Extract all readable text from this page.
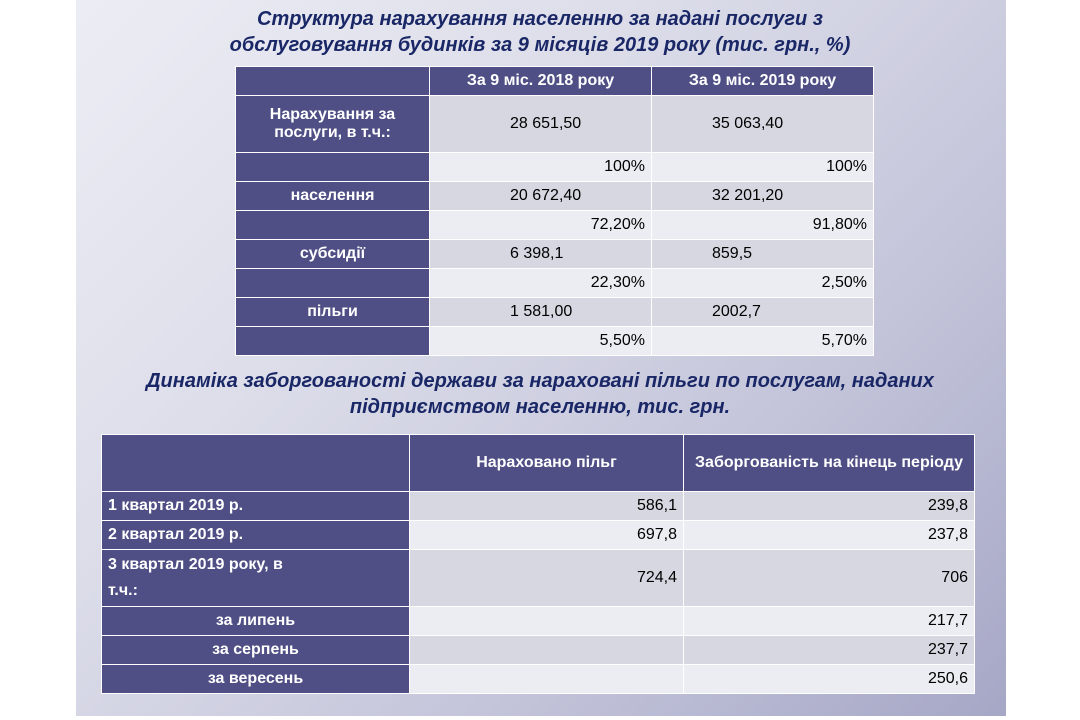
Структура нарахування населенню за надані послуги з обслуговування будинків за 9 місяців 2019 року (тис. грн., %)

	За 9 міс. 2018 року	За 9 міс. 2019 року
Нарахування за послуги, в т.ч.:	28 651,50	35 063,40
	100%	100%
населення	20 672,40	32 201,20
	72,20%	91,80%
субсидії	6 398,1	859,5
	22,30%	2,50%
пільги	1 581,00	2002,7
	5,50%	5,70%

Динаміка заборгованості держави за нараховані пільги по послугам, наданих підприємством населенню, тис. грн.

	Нараховано пільг	Заборгованість на кінець періоду
1 квартал 2019 р.	586,1	239,8
2 квартал 2019 р.	697,8	237,8
3 квартал 2019 року, в т.ч.:	724,4	706
за липень		217,7
за серпень		237,7
за вересень		250,6
